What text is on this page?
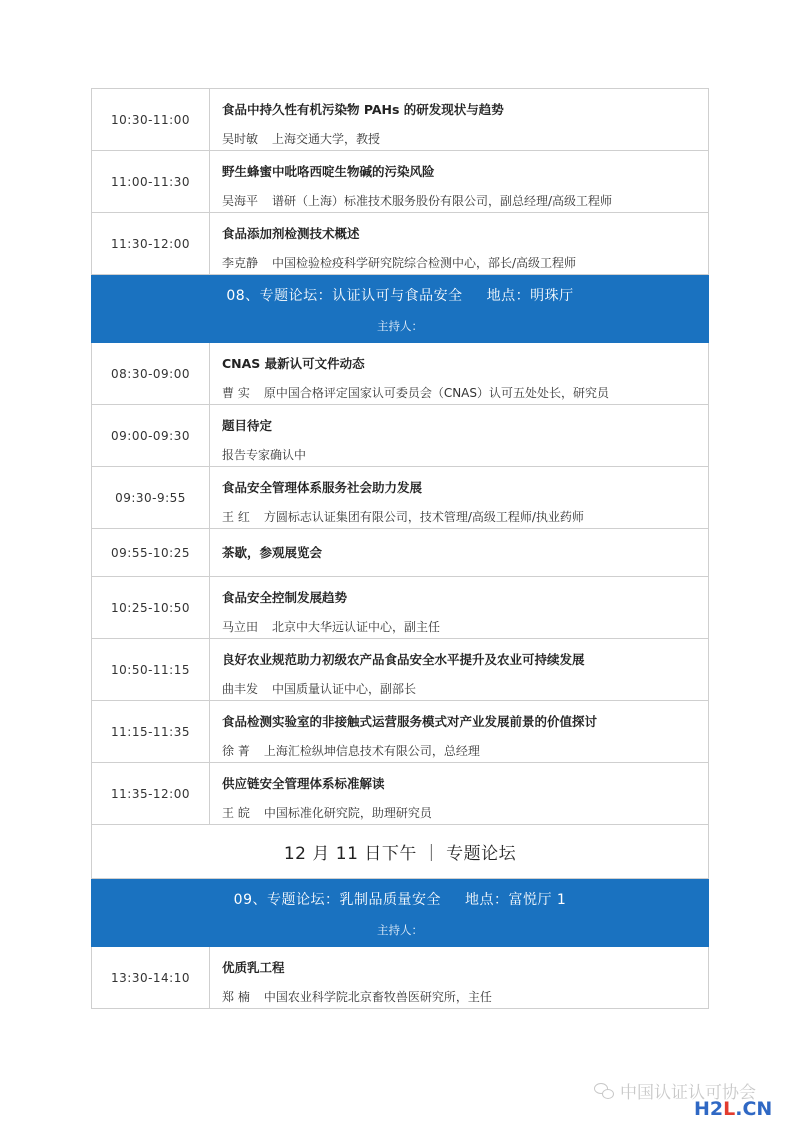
10:30-11:00
食品中持久性有机污染物 PAHs 的研发现状与趋势
吴时敏 上海交通大学，教授
11:00-11:30
野生蜂蜜中吡咯西啶生物碱的污染风险
吴海平 谱研（上海）标准技术服务股份有限公司，副总经理/高级工程师
11:30-12:00
食品添加剂检测技术概述
李克静 中国检验检疫科学研究院综合检测中心，部长/高级工程师
08、专题论坛：认证认可与食品安全 地点：明珠厅
主持人：
08:30-09:00
CNAS 最新认可文件动态
曹 实 原中国合格评定国家认可委员会（CNAS）认可五处处长，研究员
09:00-09:30
题目待定
报告专家确认中
09:30-9:55
食品安全管理体系服务社会助力发展
王 红 方圆标志认证集团有限公司，技术管理/高级工程师/执业药师
09:55-10:25	茶歇，参观展览会
10:25-10:50
食品安全控制发展趋势
马立田 北京中大华远认证中心，副主任
10:50-11:15
良好农业规范助力初级农产品食品安全水平提升及农业可持续发展
曲丰发 中国质量认证中心，副部长
11:15-11:35
食品检测实验室的非接触式运营服务模式对产业发展前景的价值探讨
徐 菁 上海汇检纵坤信息技术有限公司，总经理
11:35-12:00
供应链安全管理体系标准解读
王 皖 中国标准化研究院，助理研究员
12 月 11 日下午 ｜ 专题论坛
09、专题论坛：乳制品质量安全 地点：富悦厅 1
主持人：
13:30-14:10
优质乳工程
郑 楠 中国农业科学院北京畜牧兽医研究所，主任
中国认证认可协会
H2L.CN
